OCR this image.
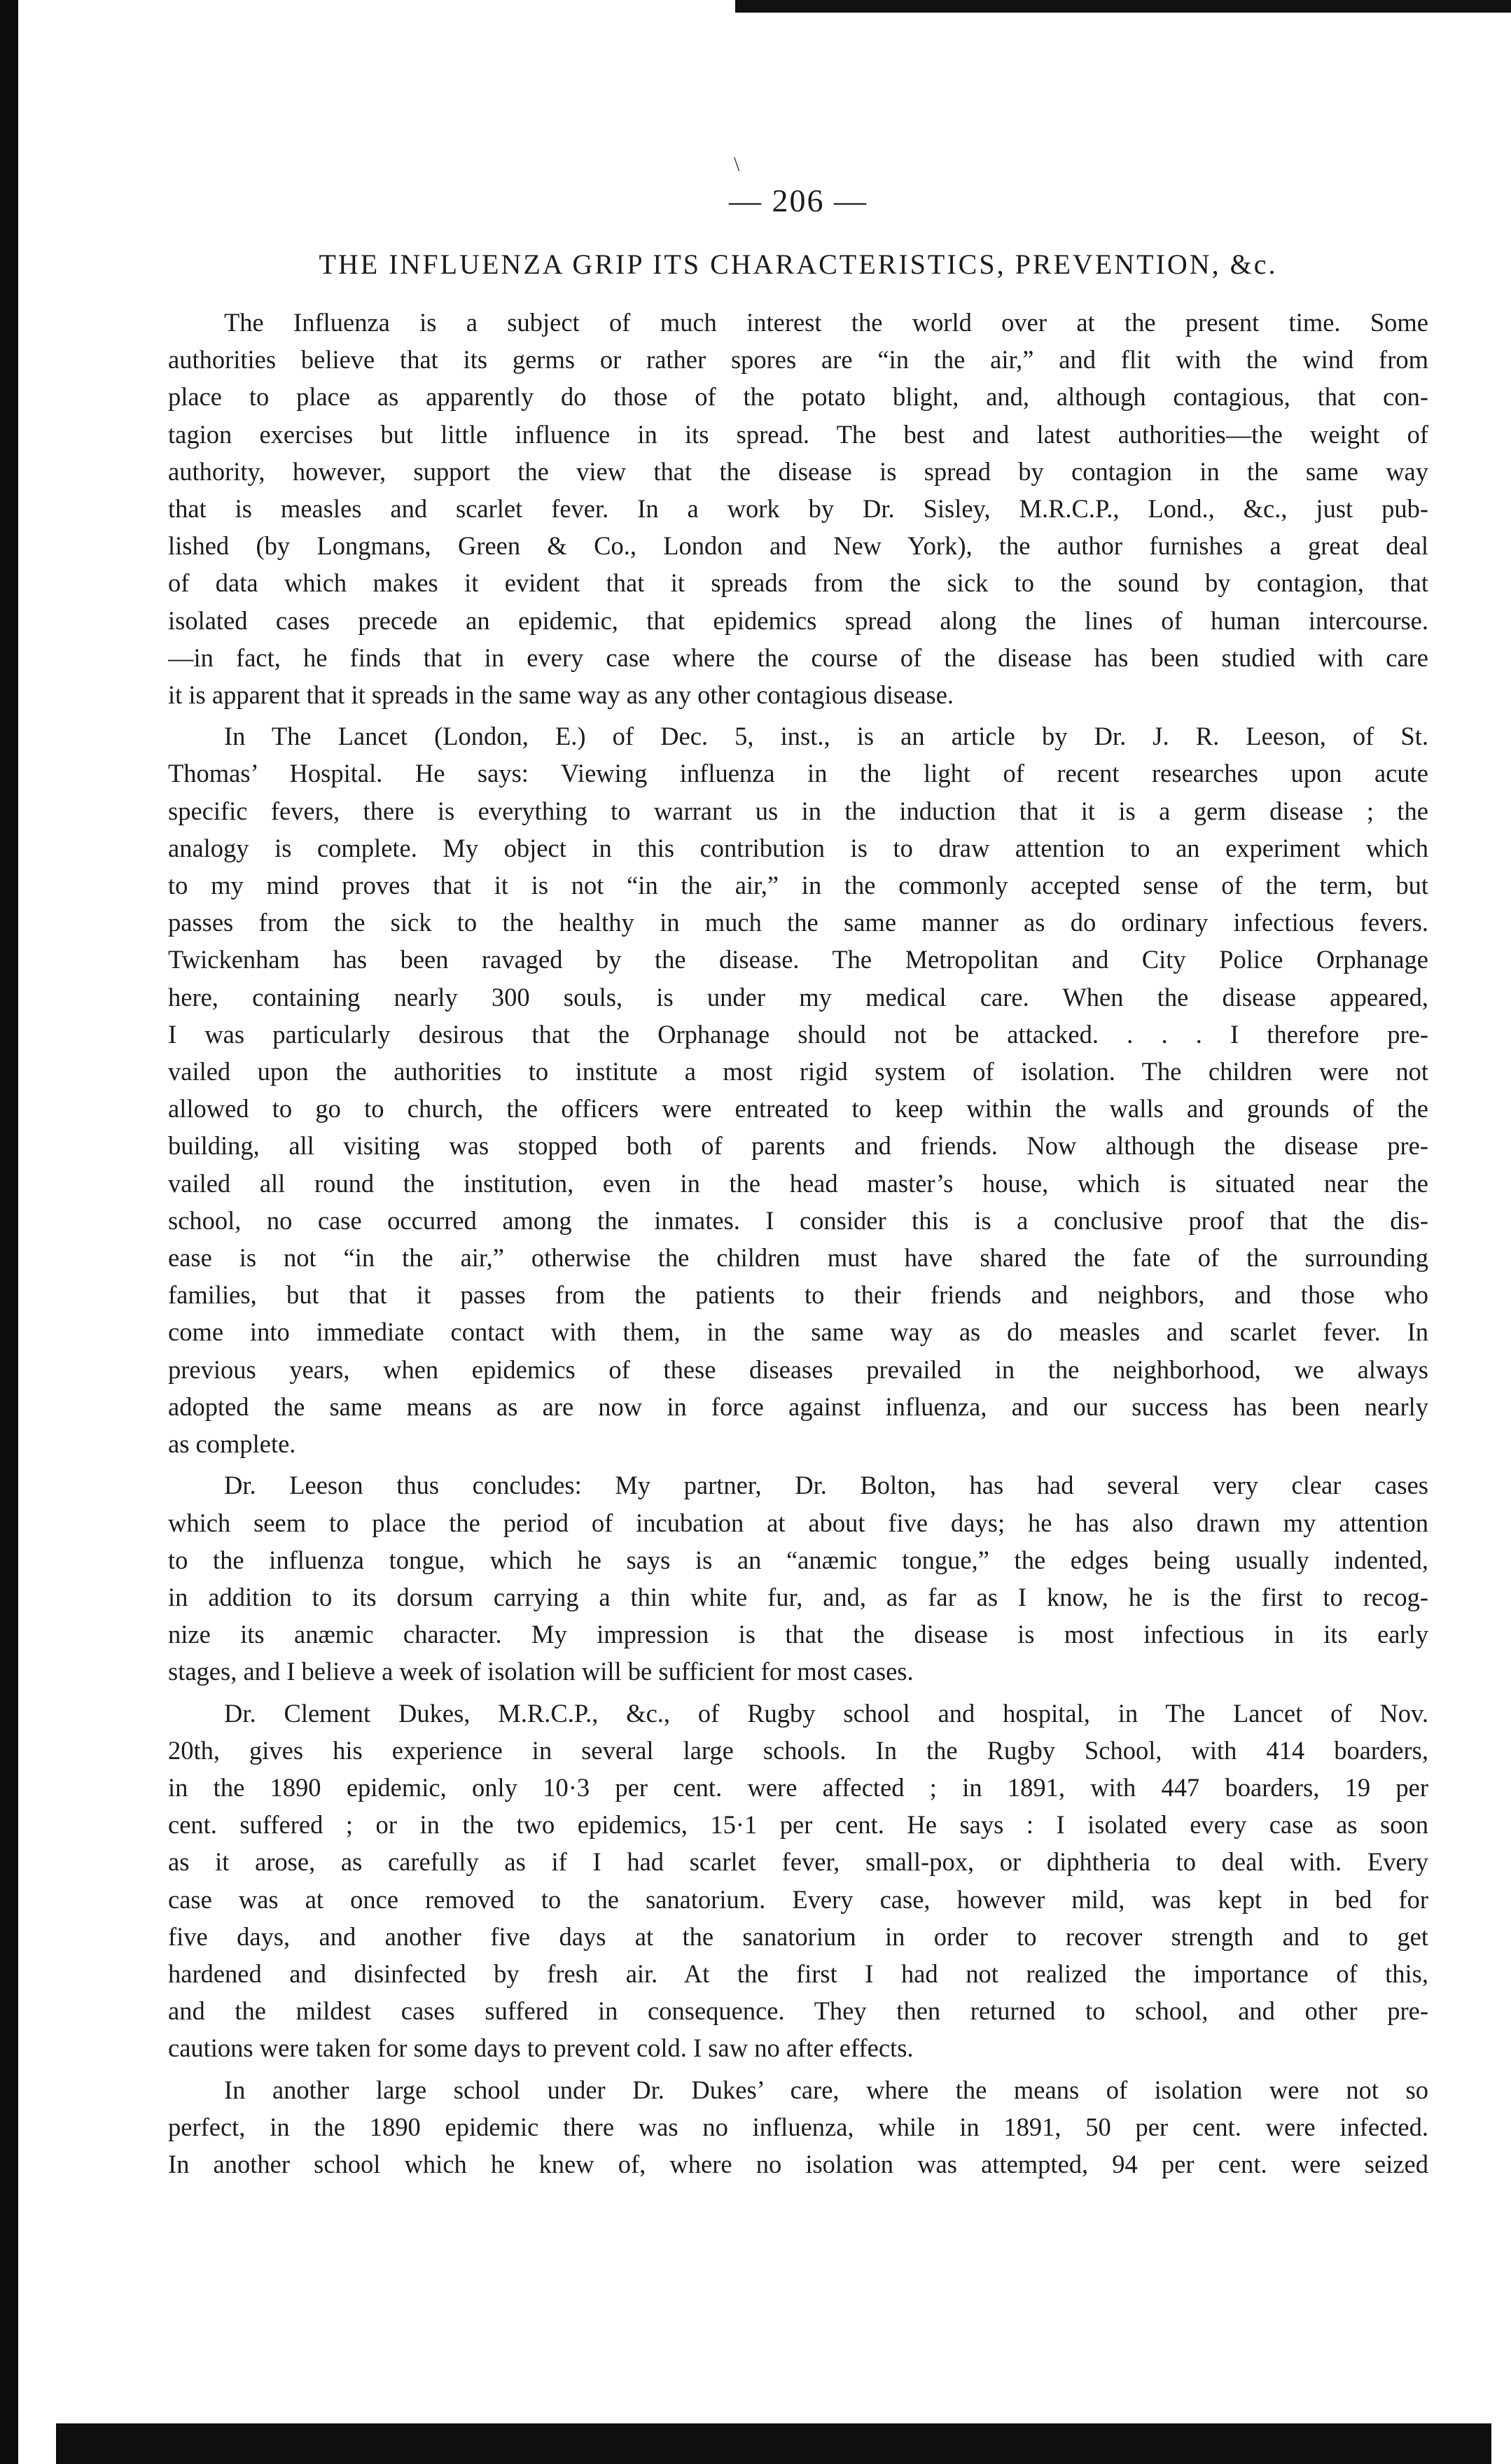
\
— 206 —
THE INFLUENZA GRIP ITS CHARACTERISTICS, PREVENTION, &c.
The Influenza is a subject of much interest the world over at the present time. Some
authorities believe that its germs or rather spores are “in the air,” and flit with the wind from
place to place as apparently do those of the potato blight, and, although contagious, that con-
tagion exercises but little influence in its spread. The best and latest authorities—the weight of
authority, however, support the view that the disease is spread by contagion in the same way
that is measles and scarlet fever. In a work by Dr. Sisley, M.R.C.P., Lond., &c., just pub-
lished (by Longmans, Green & Co., London and New York), the author furnishes a great deal
of data which makes it evident that it spreads from the sick to the sound by contagion, that
isolated cases precede an epidemic, that epidemics spread along the lines of human intercourse.
—in fact, he finds that in every case where the course of the disease has been studied with care
it is apparent that it spreads in the same way as any other contagious disease.
In The Lancet (London, E.) of Dec. 5, inst., is an article by Dr. J. R. Leeson, of St.
Thomas’ Hospital. He says: Viewing influenza in the light of recent researches upon acute
specific fevers, there is everything to warrant us in the induction that it is a germ disease ; the
analogy is complete. My object in this contribution is to draw attention to an experiment which
to my mind proves that it is not “in the air,” in the commonly accepted sense of the term, but
passes from the sick to the healthy in much the same manner as do ordinary infectious fevers.
Twickenham has been ravaged by the disease. The Metropolitan and City Police Orphanage
here, containing nearly 300 souls, is under my medical care. When the disease appeared,
I was particularly desirous that the Orphanage should not be attacked. . . . I therefore pre-
vailed upon the authorities to institute a most rigid system of isolation. The children were not
allowed to go to church, the officers were entreated to keep within the walls and grounds of the
building, all visiting was stopped both of parents and friends. Now although the disease pre-
vailed all round the institution, even in the head master’s house, which is situated near the
school, no case occurred among the inmates. I consider this is a conclusive proof that the dis-
ease is not “in the air,” otherwise the children must have shared the fate of the surrounding
families, but that it passes from the patients to their friends and neighbors, and those who
come into immediate contact with them, in the same way as do measles and scarlet fever. In
previous years, when epidemics of these diseases prevailed in the neighborhood, we always
adopted the same means as are now in force against influenza, and our success has been nearly
as complete.
Dr. Leeson thus concludes: My partner, Dr. Bolton, has had several very clear cases
which seem to place the period of incubation at about five days; he has also drawn my attention
to the influenza tongue, which he says is an “anæmic tongue,” the edges being usually indented,
in addition to its dorsum carrying a thin white fur, and, as far as I know, he is the first to recog-
nize its anæmic character. My impression is that the disease is most infectious in its early
stages, and I believe a week of isolation will be sufficient for most cases.
Dr. Clement Dukes, M.R.C.P., &c., of Rugby school and hospital, in The Lancet of Nov.
20th, gives his experience in several large schools. In the Rugby School, with 414 boarders,
in the 1890 epidemic, only 10·3 per cent. were affected ; in 1891, with 447 boarders, 19 per
cent. suffered ; or in the two epidemics, 15·1 per cent. He says : I isolated every case as soon
as it arose, as carefully as if I had scarlet fever, small-pox, or diphtheria to deal with. Every
case was at once removed to the sanatorium. Every case, however mild, was kept in bed for
five days, and another five days at the sanatorium in order to recover strength and to get
hardened and disinfected by fresh air. At the first I had not realized the importance of this,
and the mildest cases suffered in consequence. They then returned to school, and other pre-
cautions were taken for some days to prevent cold. I saw no after effects.
In another large school under Dr. Dukes’ care, where the means of isolation were not so
perfect, in the 1890 epidemic there was no influenza, while in 1891, 50 per cent. were infected.
In another school which he knew of, where no isolation was attempted, 94 per cent. were seized
